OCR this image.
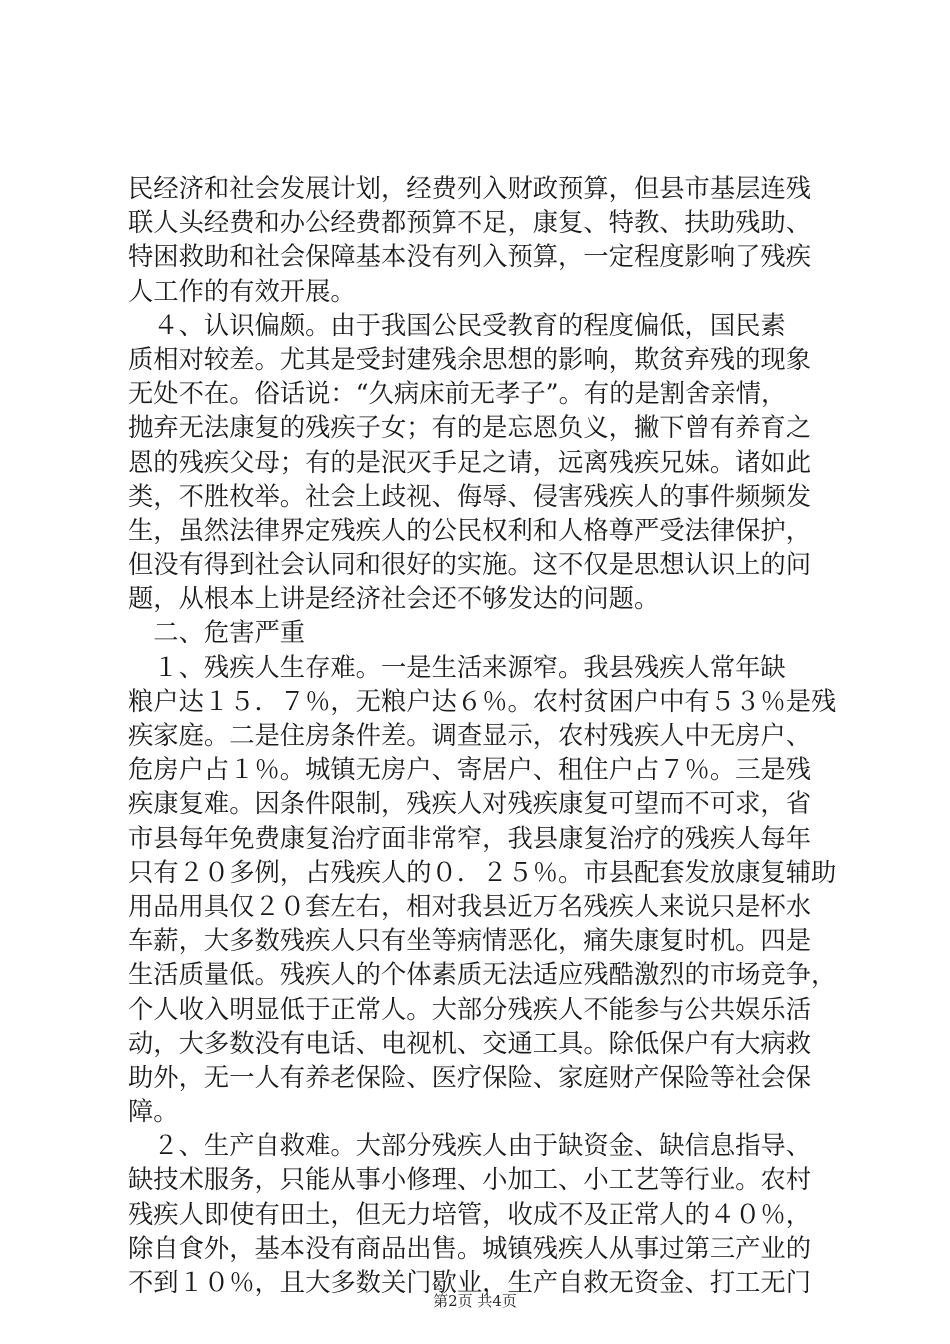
民经济和社会发展计划，经费列入财政预算，但县市基层连残
联人头经费和办公经费都预算不足，康复、特教、扶助残助、
特困救助和社会保障基本没有列入预算，一定程度影响了残疾
人工作的有效开展。
　４、认识偏颇。由于我国公民受教育的程度偏低，国民素
质相对较差。尤其是受封建残余思想的影响，欺贫弃残的现象
无处不在。俗话说：“久病床前无孝子”。有的是割舍亲情，
抛弃无法康复的残疾子女；有的是忘恩负义，撇下曾有养育之
恩的残疾父母；有的是泯灭手足之请，远离残疾兄妹。诸如此
类，不胜枚举。社会上歧视、侮辱、侵害残疾人的事件频频发
生，虽然法律界定残疾人的公民权利和人格尊严受法律保护，
但没有得到社会认同和很好的实施。这不仅是思想认识上的问
题，从根本上讲是经济社会还不够发达的问题。
　二、危害严重
　１、残疾人生存难。一是生活来源窄。我县残疾人常年缺
粮户达１５．７％，无粮户达６％。农村贫困户中有５３％是残
疾家庭。二是住房条件差。调查显示，农村残疾人中无房户、
危房户占１％。城镇无房户、寄居户、租住户占７％。三是残
疾康复难。因条件限制，残疾人对残疾康复可望而不可求，省
市县每年免费康复治疗面非常窄，我县康复治疗的残疾人每年
只有２０多例，占残疾人的０．２５％。市县配套发放康复辅助
用品用具仅２０套左右，相对我县近万名残疾人来说只是杯水
车薪，大多数残疾人只有坐等病情恶化，痛失康复时机。四是
生活质量低。残疾人的个体素质无法适应残酷激烈的市场竞争，
个人收入明显低于正常人。大部分残疾人不能参与公共娱乐活
动，大多数没有电话、电视机、交通工具。除低保户有大病救
助外，无一人有养老保险、医疗保险、家庭财产保险等社会保
障。
　２、生产自救难。大部分残疾人由于缺资金、缺信息指导、
缺技术服务，只能从事小修理、小加工、小工艺等行业。农村
残疾人即使有田土，但无力培管，收成不及正常人的４０％，
除自食外，基本没有商品出售。城镇残疾人从事过第三产业的
不到１０％，且大多数关门歇业，生产自救无资金、打工无门
第2页 共4页
